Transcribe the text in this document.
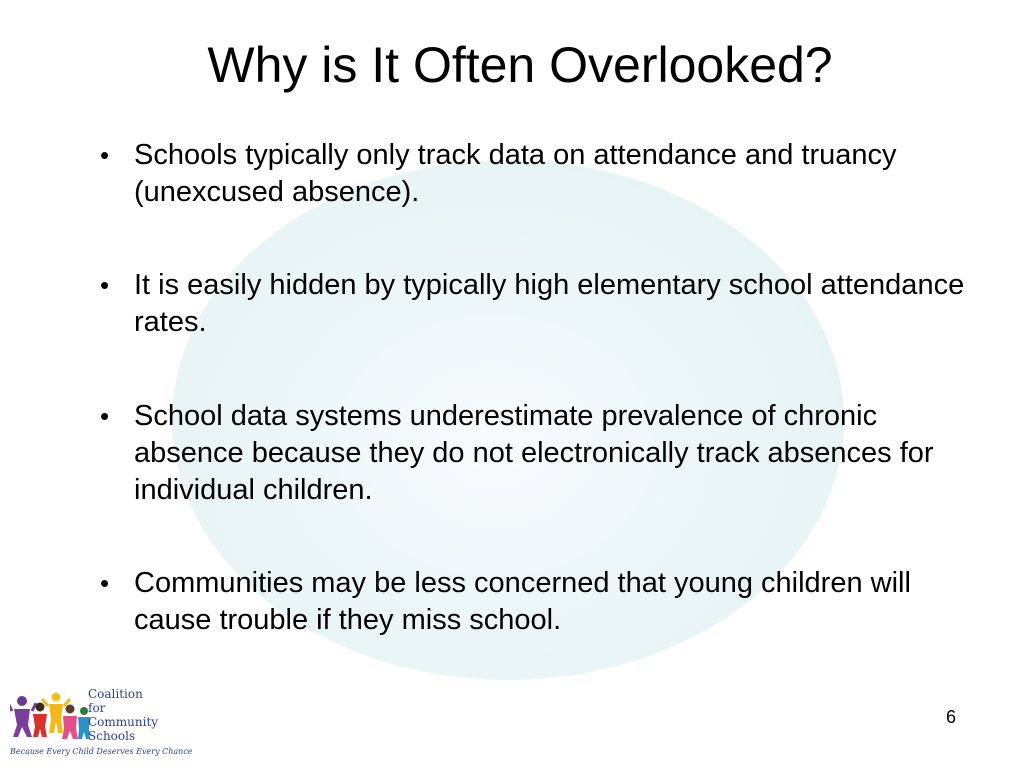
Why is It Often Overlooked?
• Schools typically only track data on attendance and truancy (unexcused absence).
• It is easily hidden by typically high elementary school attendance rates.
• School data systems underestimate prevalence of chronic absence because they do not electronically track absences for individual children.
• Communities may be less concerned that young children will cause trouble if they miss school.
Coalition
for
Community
Schools
Because Every Child Deserves Every Chance
6
